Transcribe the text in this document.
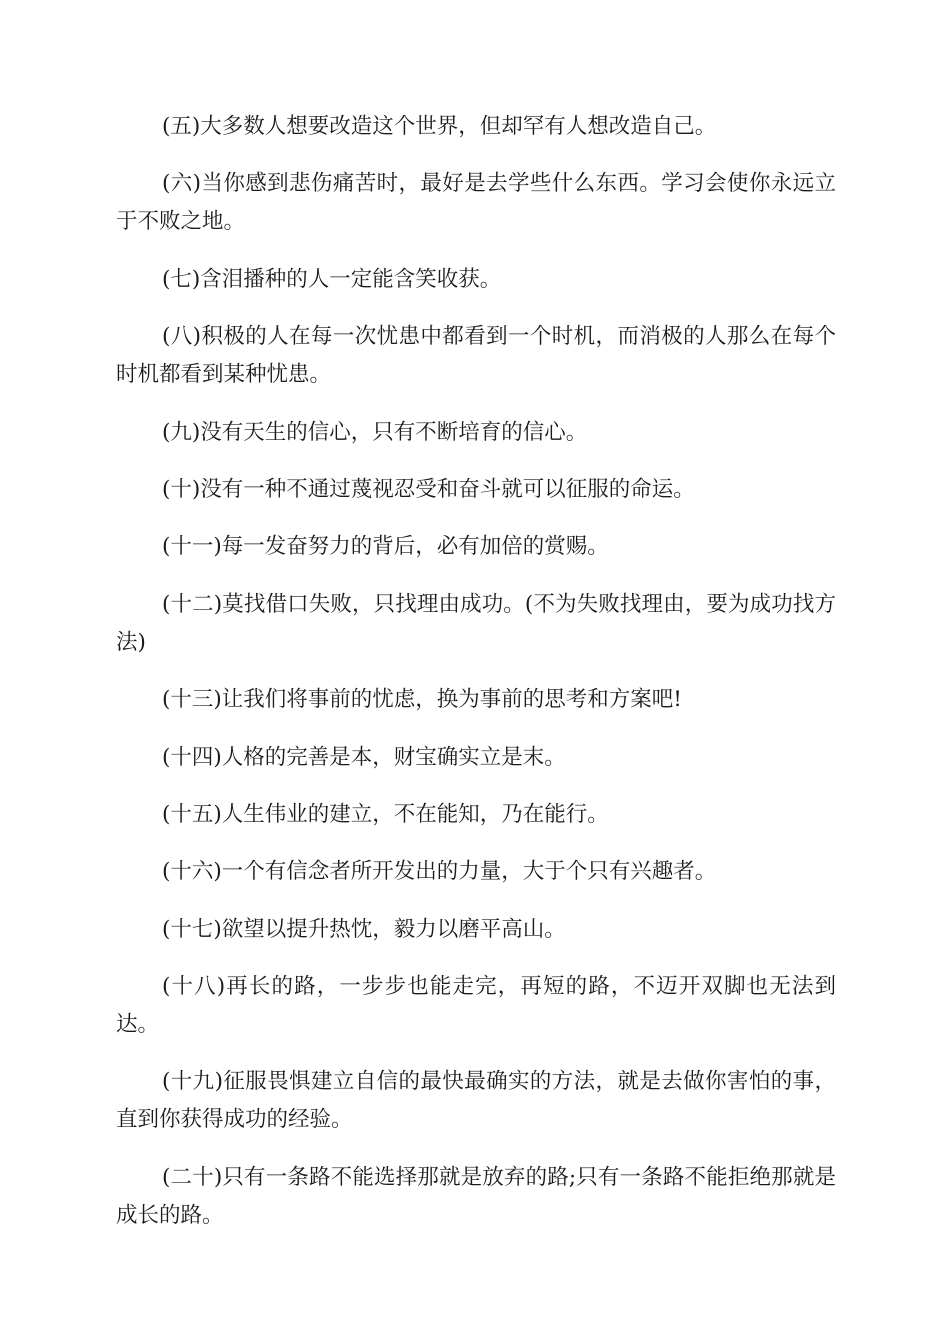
(五)大多数人想要改造这个世界，但却罕有人想改造自己。

(六)当你感到悲伤痛苦时，最好是去学些什么东西。学习会使你永远立于不败之地。

(七)含泪播种的人一定能含笑收获。

(八)积极的人在每一次忧患中都看到一个时机，而消极的人那么在每个时机都看到某种忧患。

(九)没有天生的信心，只有不断培育的信心。

(十)没有一种不通过蔑视忍受和奋斗就可以征服的命运。

(十一)每一发奋努力的背后，必有加倍的赏赐。

(十二)莫找借口失败，只找理由成功。(不为失败找理由，要为成功找方法)

(十三)让我们将事前的忧虑，换为事前的思考和方案吧!

(十四)人格的完善是本，财宝确实立是末。

(十五)人生伟业的建立，不在能知，乃在能行。

(十六)一个有信念者所开发出的力量，大于个只有兴趣者。

(十七)欲望以提升热忱，毅力以磨平高山。

(十八)再长的路，一步步也能走完，再短的路，不迈开双脚也无法到达。

(十九)征服畏惧建立自信的最快最确实的方法，就是去做你害怕的事，直到你获得成功的经验。

(二十)只有一条路不能选择那就是放弃的路;只有一条路不能拒绝那就是成长的路。
